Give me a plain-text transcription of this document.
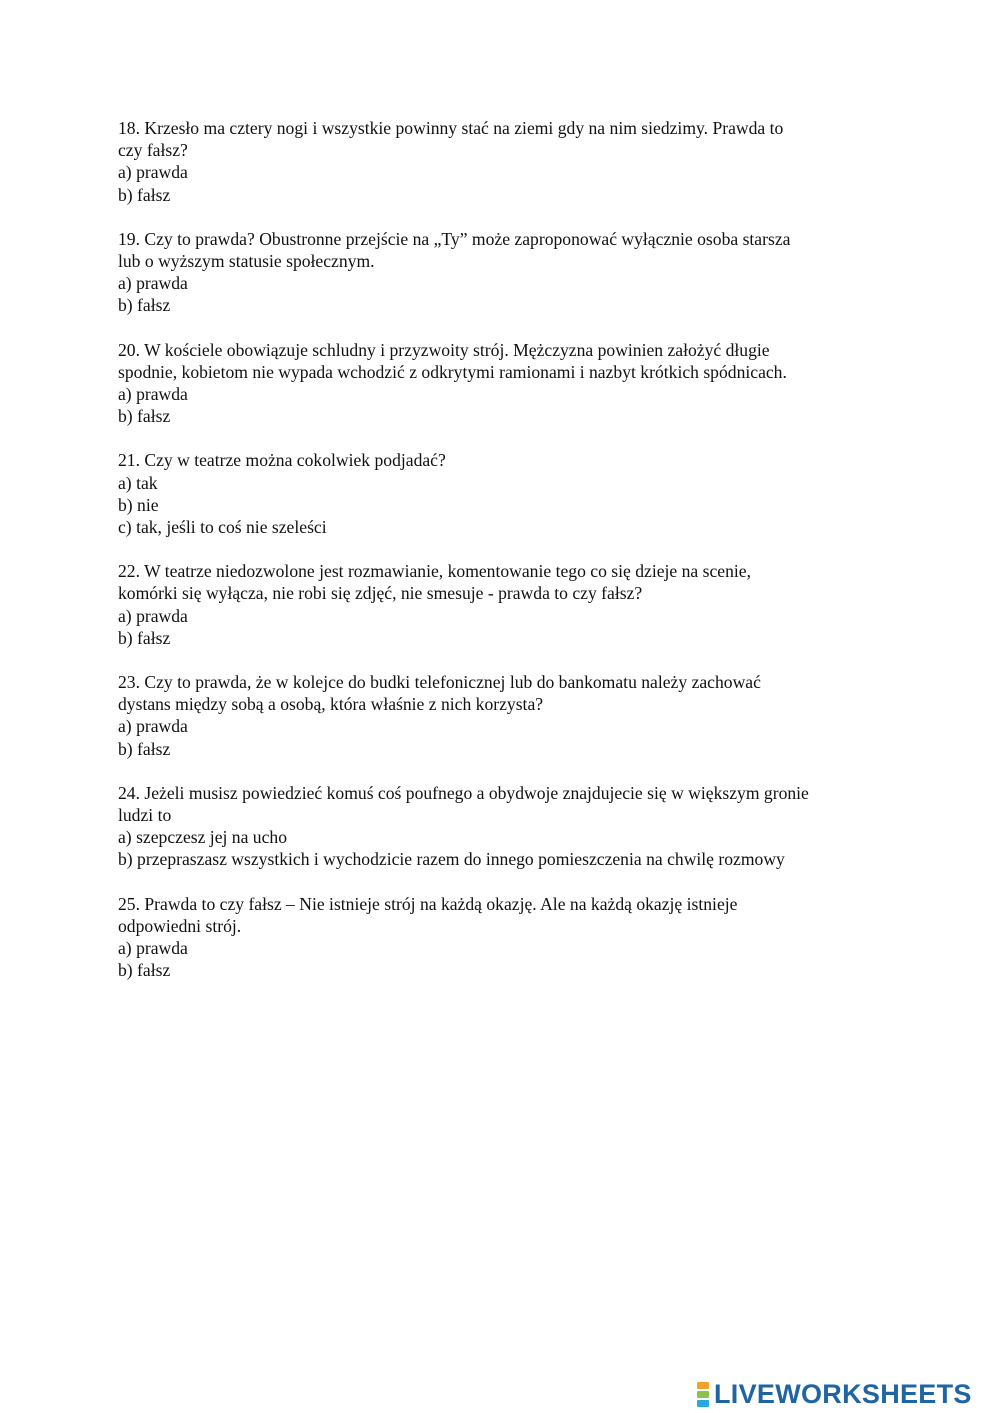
18. Krzesło ma cztery nogi i wszystkie powinny stać na ziemi gdy na nim siedzimy. Prawda to
czy fałsz?
a) prawda
b) fałsz
19. Czy to prawda? Obustronne przejście na „Ty” może zaproponować wyłącznie osoba starsza
lub o wyższym statusie społecznym.
a) prawda
b) fałsz
20. W kościele obowiązuje schludny i przyzwoity strój. Mężczyzna powinien założyć długie
spodnie, kobietom nie wypada wchodzić z odkrytymi ramionami i nazbyt krótkich spódnicach.
a) prawda
b) fałsz
21. Czy w teatrze można cokolwiek podjadać?
a) tak
b) nie
c) tak, jeśli to coś nie szeleści
22. W teatrze niedozwolone jest rozmawianie, komentowanie tego co się dzieje na scenie,
komórki się wyłącza, nie robi się zdjęć, nie smesuje - prawda to czy fałsz?
a) prawda
b) fałsz
23. Czy to prawda, że w kolejce do budki telefonicznej lub do bankomatu należy zachować
dystans między sobą a osobą, która właśnie z nich korzysta?
a) prawda
b) fałsz
24. Jeżeli musisz powiedzieć komuś coś poufnego a obydwoje znajdujecie się w większym gronie
ludzi to
a) szepczesz jej na ucho
b) przepraszasz wszystkich i wychodzicie razem do innego pomieszczenia na chwilę rozmowy
25. Prawda to czy fałsz – Nie istnieje strój na każdą okazję. Ale na każdą okazję istnieje
odpowiedni strój.
a) prawda
b) fałsz
LIVEWORKSHEETS
